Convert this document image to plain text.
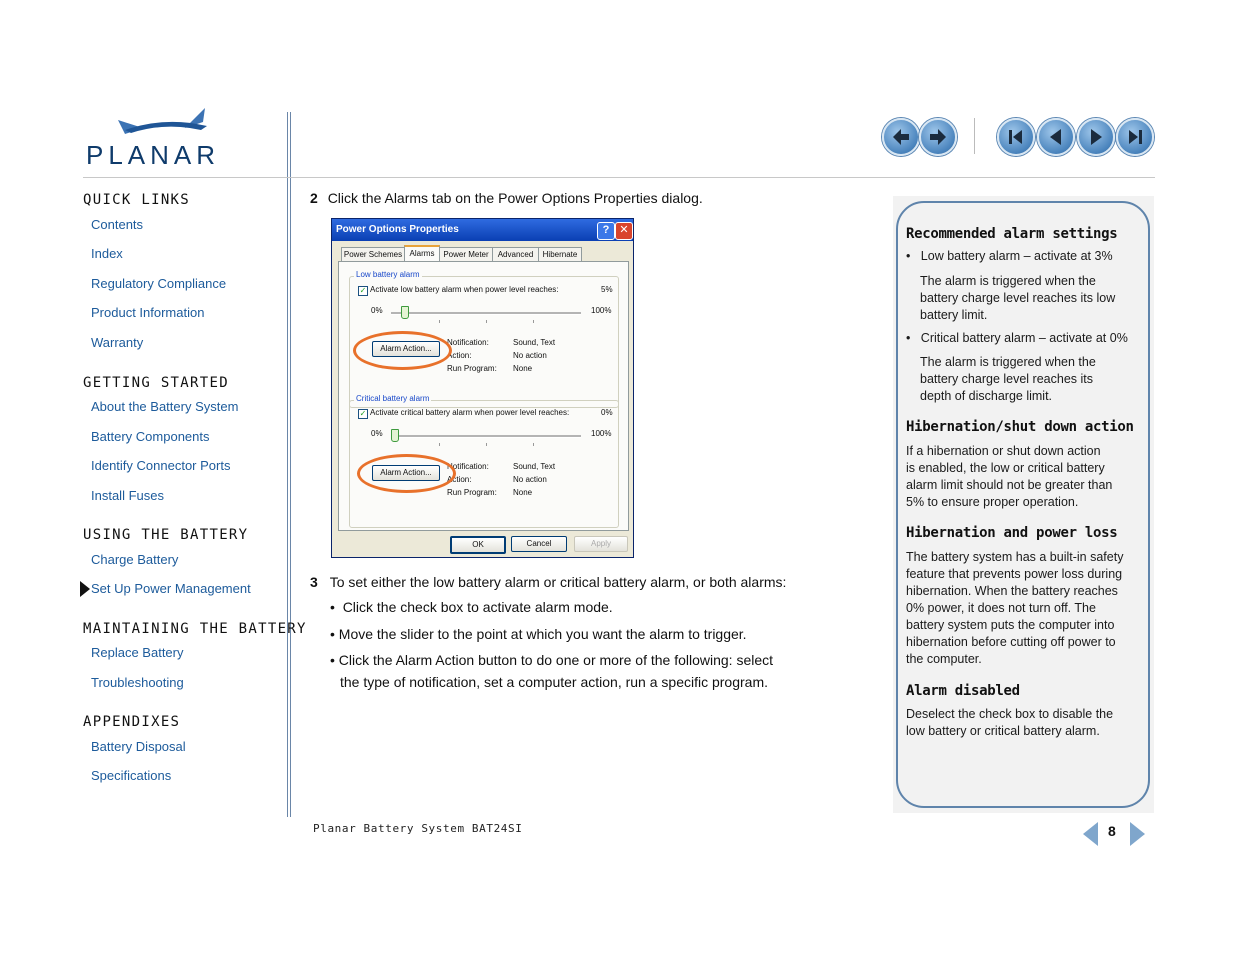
PLANAR
QUICK LINKS
Contents
Index
Regulatory Compliance
Product Information
Warranty
GETTING STARTED
About the Battery System
Battery Components
Identify Connector Ports
Install Fuses
USING THE BATTERY
Charge Battery
Set Up Power Management
MAINTAINING THE BATTERY
Replace Battery
Troubleshooting
APPENDIXES
Battery Disposal
Specifications
2 Click the Alarms tab on the Power Options Properties dialog.
Power Options Properties	? ✕
Power Schemes Alarms	Power Meter	Advanced	Hibernate
Low battery alarm
✓ Activate low battery alarm when power level reaches:	5%
0%	100%
Alarm Action...
Notification:	Sound, Text
Action:	No action
Run Program: None
Critical battery alarm
✓ Activate critical battery alarm when power level reaches:	0%
0%	100%
Alarm Action...
Notification:	Sound, Text
Action:	No action
Run Program: None
OK	Cancel	Apply
3 To set either the low battery alarm or critical battery alarm, or both alarms:
•  Click the check box to activate alarm mode.
• Move the slider to the point at which you want the alarm to trigger.
• Click the Alarm Action button to do one or more of the following: select
the type of notification, set a computer action, run a specific program.
Recommended alarm settings
•   Low battery alarm – activate at 3%
The alarm is triggered when the
battery charge level reaches its low
battery limit.
•   Critical battery alarm – activate at 0%
The alarm is triggered when the
battery charge level reaches its
depth of discharge limit.
Hibernation/shut down action
If a hibernation or shut down action
is enabled, the low or critical battery
alarm limit should not be greater than
5% to ensure proper operation.
Hibernation and power loss
The battery system has a built-in safety
feature that prevents power loss during
hibernation. When the battery reaches
0% power, it does not turn off. The
battery system puts the computer into
hibernation before cutting off power to
the computer.
Alarm disabled
Deselect the check box to disable the
low battery or critical battery alarm.
Planar Battery System BAT24SI	8
